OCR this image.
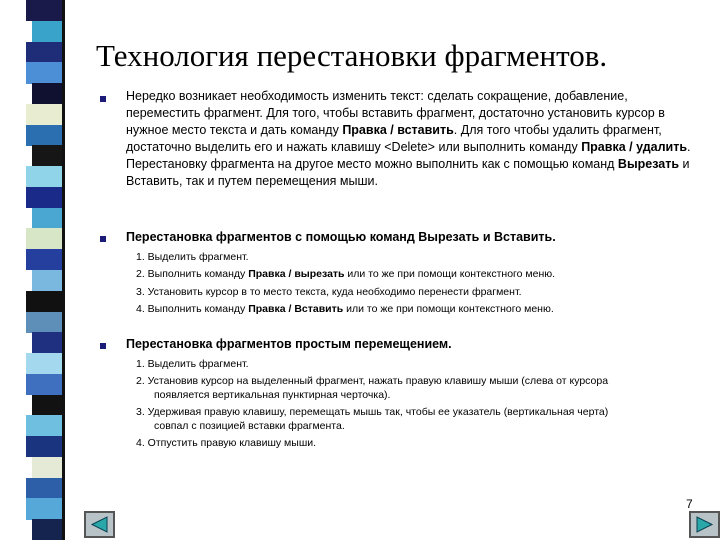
Технология перестановки фрагментов.
Нередко возникает необходимость изменить текст: сделать сокращение, добавление, переместить фрагмент. Для того, чтобы вставить фрагмент, достаточно установить курсор в нужное место текста и дать команду Правка / вставить. Для того чтобы удалить фрагмент, достаточно выделить его и нажать клавишу <Delete> или выполнить команду Правка / удалить. Перестановку фрагмента на другое место можно выполнить как с помощью команд Вырезать и Вставить, так и путем перемещения мыши.
Перестановка фрагментов с помощью команд Вырезать и Вставить.
1. Выделить фрагмент.
2. Выполнить команду Правка / вырезать или то же при помощи контекстного меню.
3. Установить курсор в то место текста, куда необходимо перенести фрагмент.
4. Выполнить команду Правка / Вставить или то же при помощи контекстного меню.
Перестановка фрагментов простым перемещением.
1. Выделить фрагмент.
2. Установив курсор на выделенный фрагмент, нажать правую клавишу мыши (слева от курсора
появляется вертикальная пунктирная черточка).
3. Удерживая правую клавишу, перемещать мышь так, чтобы ее указатель (вертикальная черта)
совпал с позицией вставки фрагмента.
4. Отпустить правую клавишу мыши.
7
